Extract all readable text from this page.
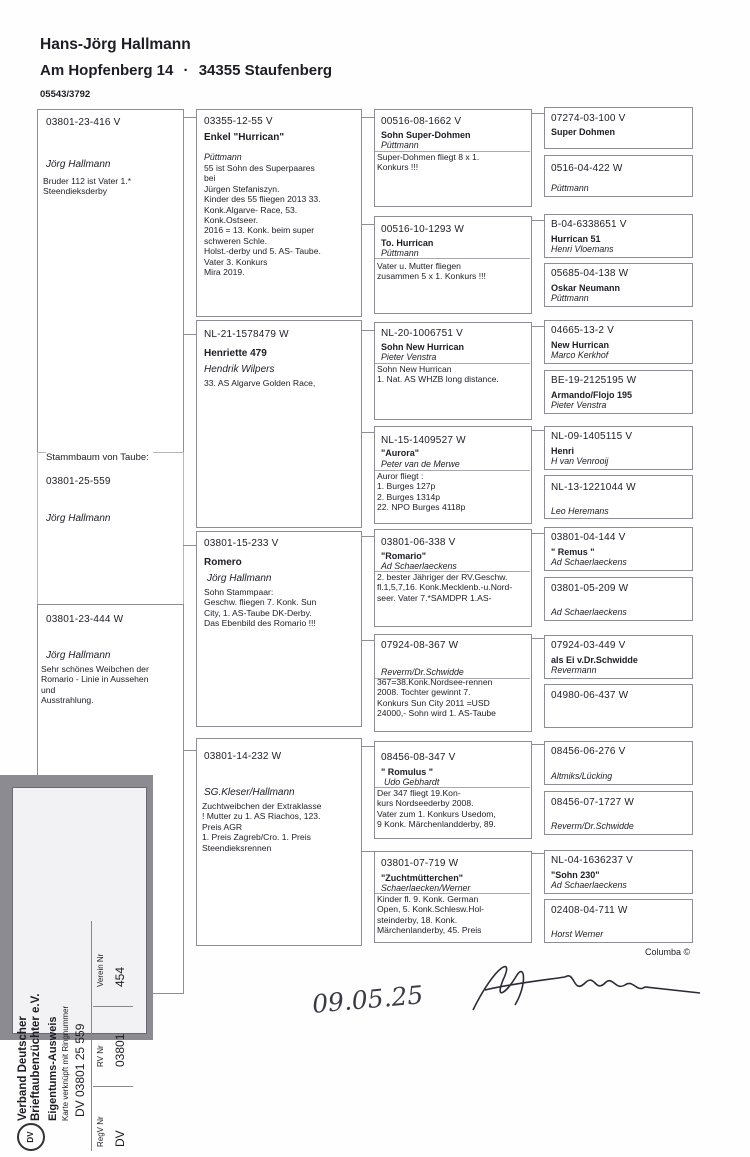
Hans-Jörg Hallmann
Am Hopfenberg 14 · 34355 Staufenberg
05543/3792
03801-23-416 V
Jörg Hallmann
Bruder 112 ist Vater 1.*
Steendieksderby
Stammbaum von Taube:
03801-25-559
Jörg Hallmann
03801-23-444 W
Jörg Hallmann
Sehr schönes Weibchen der
Romario - Linie in Aussehen
und
Ausstrahlung.
03355-12-55 V
Enkel "Hurrican"
Püttmann
55 ist Sohn des Superpaares
bei
Jürgen Stefaniszyn.
Kinder des 55 fliegen 2013 33.
Konk.Algarve- Race, 53.
Konk.Ostseer.
2016 = 13. Konk. beim super
schweren Schle.
Holst.-derby und 5. AS- Taube.
Vater 3. Konkurs
Mira 2019.
NL-21-1578479 W
Henriette 479
Hendrik Wilpers
33. AS Algarve Golden Race,
03801-15-233 V
Romero
Jörg Hallmann
Sohn Stammpaar:
Geschw. fliegen 7. Konk. Sun
City, 1. AS-Taube DK-Derby.
Das Ebenbild des Romario !!!
03801-14-232 W
SG.Kleser/Hallmann
Zuchtweibchen der Extraklasse
! Mutter zu 1. AS Riachos, 123.
Preis AGR
1. Preis Zagreb/Cro. 1. Preis
Steendieksrennen
00516-08-1662 V
Sohn Super-Dohmen
Püttmann
Super-Dohmen fliegt 8 x 1.
Konkurs !!!
00516-10-1293 W
To. Hurrican
Püttmann
Vater u. Mutter fliegen
zusammen 5 x 1. Konkurs !!!
NL-20-1006751 V
Sohn New Hurrican
Pieter Venstra
Sohn New Hurrican
1. Nat. AS WHZB long distance.
NL-15-1409527 W
"Aurora"
Peter van de Merwe
Auror fliegt :
1. Burges 127p
2. Burges 1314p
22. NPO Burges 4118p
03801-06-338 V
"Romario"
Ad Schaerlaeckens
2. bester Jähriger der RV.Geschw. fl.1,5,7,16. Konk.Mecklenb.-u.Nord- seer. Vater 7.*SAMDPR 1.AS-
07924-08-367 W
Reverm/Dr.Schwidde
367=38.Konk.Nordsee-rennen
2008. Tochter gewinnt 7.
Konkurs Sun City 2011 =USD
24000,- Sohn wird 1. AS-Taube
08456-08-347 V
" Romulus "
Udo Gebhardt
Der 347 fliegt 19.Kon-
kurs Nordseederby 2008.
Vater zum 1. Konkurs Usedom,
9 Konk. Märchenlandderby, 89.
03801-07-719 W
"Zuchtmütterchen"
Schaerlaecken/Werner
Kinder fl. 9. Konk. German
Open, 5. Konk.Schlesw.Hol-
steinderby, 18. Konk.
Märchenlanderby, 45. Preis
07274-03-100 V
Super Dohmen
0516-04-422 W
Püttmann
B-04-6338651 V
Hurrican 51
Henri Vloemans
05685-04-138 W
Oskar Neumann
Püttmann
04665-13-2 V
New Hurrican
Marco Kerkhof
BE-19-2125195 W
Armando/Flojo 195
Pieter Venstra
NL-09-1405115 V
Henri
H van Venrooij
NL-13-1221044 W
Leo Heremans
03801-04-144 V
" Remus "
Ad Schaerlaeckens
03801-05-209 W
Ad Schaerlaeckens
07924-03-449 V
als Ei v.Dr.Schwidde
Revermann
04980-06-437 W
08456-06-276 V
Altmiks/Lücking
08456-07-1727 W
Reverm/Dr.Schwidde
NL-04-1636237 V
"Sohn 230"
Ad Schaerlaeckens
02408-04-711 W
Horst Werner
Columba ©
09.05.25
DV
Verband Deutscher Brieftaubenzüchter e.V. Eigentums-Ausweis Karte verknüpft mit Ringnummer DV 03801 25 559
RegV Nr
RV Nr
Verein Nr
DV
03801
454
